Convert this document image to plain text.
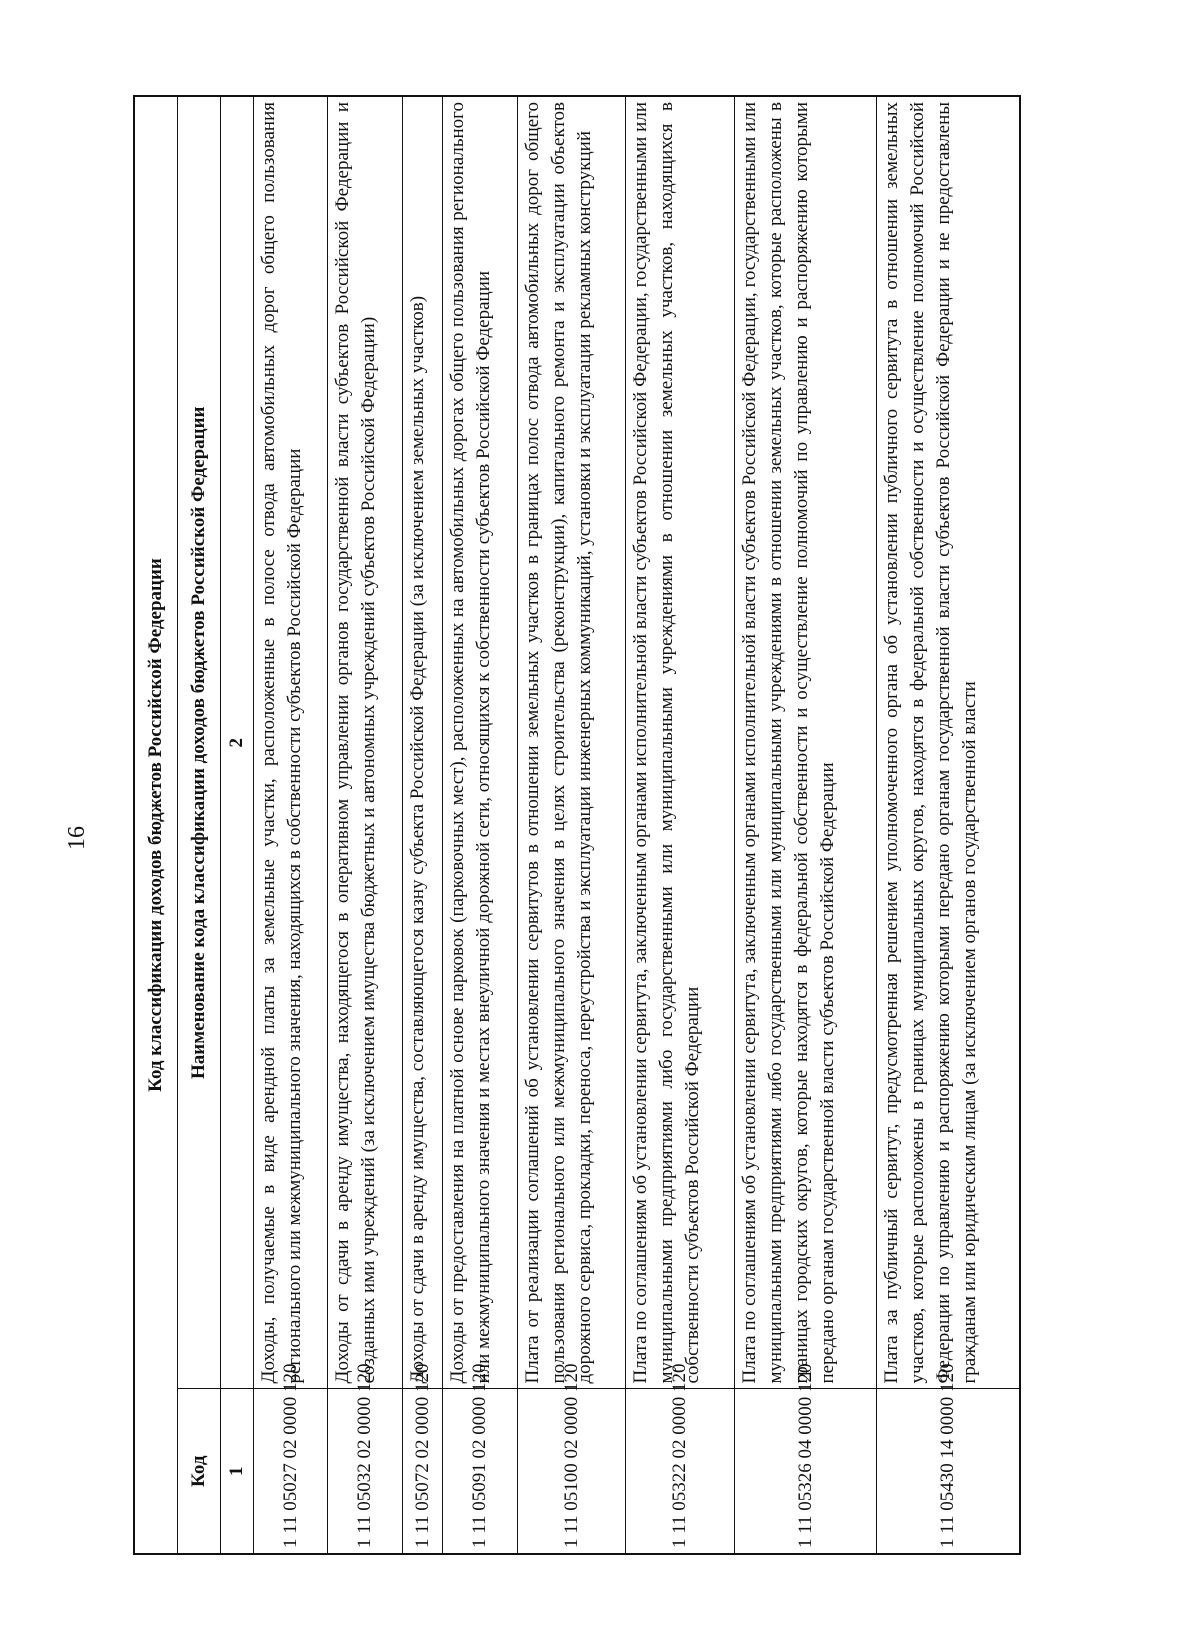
16	Код классификации доходов бюджетов Российской Федерации	
Код	Наименование кода классификации доходов бюджетов Российской Федерации
1	2
1 11 05027 02 0000 120	Доходы, получаемые в виде арендной платы за земельные участки, расположенные в полосе отвода автомобильных дорог общего пользования регионального или межмуниципального значения, находящихся в собственности субъектов Российской Федерации
1 11 05032 02 0000 120	Доходы от сдачи в аренду имущества, находящегося в оперативном управлении органов государственной власти субъектов Российской Федерации и созданных ими учреждений (за исключением имущества бюджетных и автономных учреждений субъектов Российской Федерации)
1 11 05072 02 0000 120	Доходы от сдачи в аренду имущества, составляющегося казну субъекта Российской Федерации (за исключением земельных участков)
1 11 05091 02 0000 120	Доходы от предоставления на платной основе парковок (парковочных мест), расположенных на автомобильных дорогах общего пользования регионального или межмуниципального значения и местах внеуличной дорожной сети, относящихся к собственности субъектов Российской Федерации
1 11 05100 02 0000 120	Плата от реализации соглашений об установлении сервитутов в отношении земельных участков в границах полос отвода автомобильных дорог общего пользования регионального или межмуниципального значения в целях строительства (реконструкции), капитального ремонта и эксплуатации объектов дорожного сервиса, прокладки, переноса, переустройства и эксплуатации инженерных коммуникаций, установки и эксплуатации рекламных конструкций
1 11 05322 02 0000 120	Плата по соглашениям об установлении сервитута, заключенным органами исполнительной власти субъектов Российской Федерации, государственными или муниципальными предприятиями либо государственными или муниципальными учреждениями в отношении земельных участков, находящихся в собственности субъектов Российской Федерации
1 11 05326 04 0000 120	Плата по соглашениям об установлении сервитута, заключенным органами исполнительной власти субъектов Российской Федерации, государственными или муниципальными предприятиями либо государственными или муниципальными учреждениями в отношении земельных участков, которые расположены в границах городских округов, которые находятся в федеральной собственности и осуществление полномочий по управлению и распоряжению которыми передано органам государственной власти субъектов Российской Федерации
1 11 05430 14 0000 120	Плата за публичный сервитут, предусмотренная решением уполномоченного органа об установлении публичного сервитута в отношении земельных участков, которые расположены в границах муниципальных округов, находятся в федеральной собственности и осуществление полномочий Российской Федерации по управлению и распоряжению которыми передано органам государственной власти субъектов Российской Федерации и не предоставлены гражданам или юридическим лицам (за исключением органов государственной власти
